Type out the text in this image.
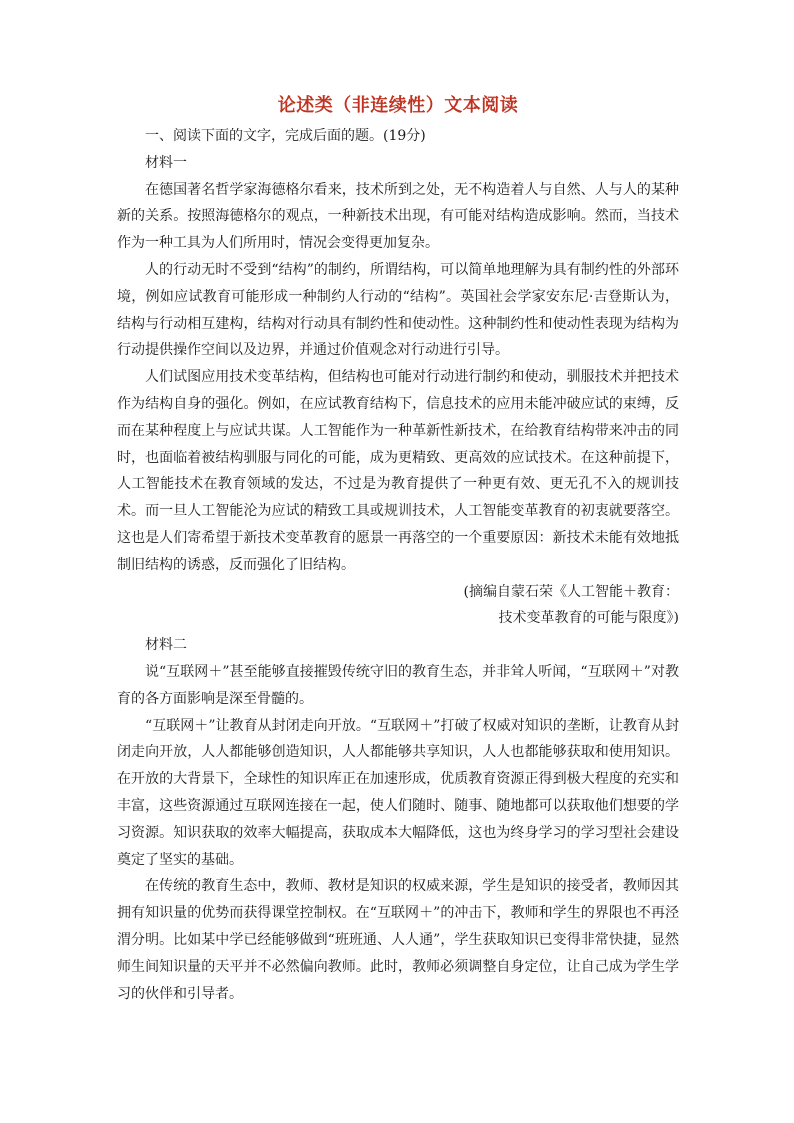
论述类（非连续性）文本阅读

一、阅读下面的文字，完成后面的题。(19分)

材料一

在德国著名哲学家海德格尔看来，技术所到之处，无不构造着人与自然、人与人的某种新的关系。按照海德格尔的观点，一种新技术出现，有可能对结构造成影响。然而，当技术作为一种工具为人们所用时，情况会变得更加复杂。

人的行动无时不受到“结构”的制约，所谓结构，可以简单地理解为具有制约性的外部环境，例如应试教育可能形成一种制约人行动的“结构”。英国社会学家安东尼·吉登斯认为，结构与行动相互建构，结构对行动具有制约性和使动性。这种制约性和使动性表现为结构为行动提供操作空间以及边界，并通过价值观念对行动进行引导。

人们试图应用技术变革结构，但结构也可能对行动进行制约和使动，驯服技术并把技术作为结构自身的强化。例如，在应试教育结构下，信息技术的应用未能冲破应试的束缚，反而在某种程度上与应试共谋。人工智能作为一种革新性新技术，在给教育结构带来冲击的同时，也面临着被结构驯服与同化的可能，成为更精致、更高效的应试技术。在这种前提下，人工智能技术在教育领域的发达，不过是为教育提供了一种更有效、更无孔不入的规训技术。而一旦人工智能沦为应试的精致工具或规训技术，人工智能变革教育的初衷就要落空。这也是人们寄希望于新技术变革教育的愿景一再落空的一个重要原因：新技术未能有效地抵制旧结构的诱惑，反而强化了旧结构。

(摘编自蒙石荣《人工智能＋教育：

技术变革教育的可能与限度》)

材料二

说“互联网＋”甚至能够直接摧毁传统守旧的教育生态，并非耸人听闻，“互联网＋”对教育的各方面影响是深至骨髓的。

“互联网＋”让教育从封闭走向开放。“互联网＋”打破了权威对知识的垄断，让教育从封闭走向开放，人人都能够创造知识，人人都能够共享知识，人人也都能够获取和使用知识。在开放的大背景下，全球性的知识库正在加速形成，优质教育资源正得到极大程度的充实和丰富，这些资源通过互联网连接在一起，使人们随时、随事、随地都可以获取他们想要的学习资源。知识获取的效率大幅提高，获取成本大幅降低，这也为终身学习的学习型社会建设奠定了坚实的基础。

在传统的教育生态中，教师、教材是知识的权威来源，学生是知识的接受者，教师因其拥有知识量的优势而获得课堂控制权。在“互联网＋”的冲击下，教师和学生的界限也不再泾渭分明。比如某中学已经能够做到“班班通、人人通”，学生获取知识已变得非常快捷，显然师生间知识量的天平并不必然偏向教师。此时，教师必须调整自身定位，让自己成为学生学习的伙伴和引导者。
